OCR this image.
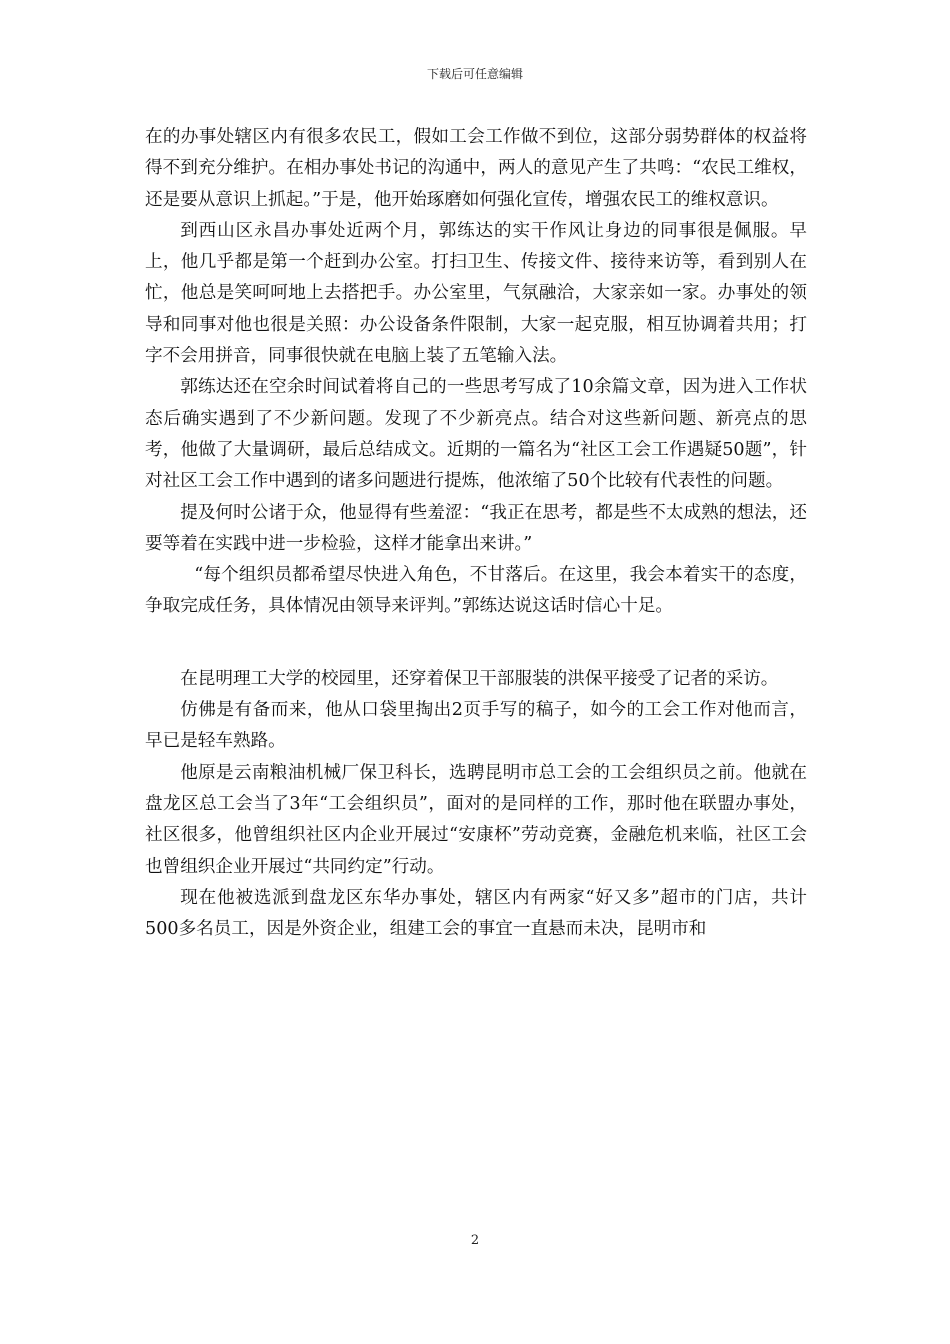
下载后可任意编辑

在的办事处辖区内有很多农民工，假如工会工作做不到位，这部分弱势群体的权益将得不到充分维护。在相办事处书记的沟通中，两人的意见产生了共鸣：“农民工维权，还是要从意识上抓起。”于是，他开始琢磨如何强化宣传，增强农民工的维权意识。

到西山区永昌办事处近两个月，郭练达的实干作风让身边的同事很是佩服。早上，他几乎都是第一个赶到办公室。打扫卫生、传接文件、接待来访等，看到别人在忙，他总是笑呵呵地上去搭把手。办公室里，气氛融洽，大家亲如一家。办事处的领导和同事对他也很是关照：办公设备条件限制，大家一起克服，相互协调着共用；打字不会用拼音，同事很快就在电脑上装了五笔输入法。

郭练达还在空余时间试着将自己的一些思考写成了10余篇文章，因为进入工作状态后确实遇到了不少新问题。发现了不少新亮点。结合对这些新问题、新亮点的思考，他做了大量调研，最后总结成文。近期的一篇名为“社区工会工作遇疑50题”，针对社区工会工作中遇到的诸多问题进行提炼，他浓缩了50个比较有代表性的问题。

提及何时公诸于众，他显得有些羞涩：“我正在思考，都是些不太成熟的想法，还要等着在实践中进一步检验，这样才能拿出来讲。”

“每个组织员都希望尽快进入角色，不甘落后。在这里，我会本着实干的态度，争取完成任务，具体情况由领导来评判。”郭练达说这话时信心十足。

在昆明理工大学的校园里，还穿着保卫干部服装的洪保平接受了记者的采访。

仿佛是有备而来，他从口袋里掏出2页手写的稿子，如今的工会工作对他而言，早已是轻车熟路。

他原是云南粮油机械厂保卫科长，选聘昆明市总工会的工会组织员之前。他就在盘龙区总工会当了3年“工会组织员”，面对的是同样的工作，那时他在联盟办事处，社区很多，他曾组织社区内企业开展过“安康杯”劳动竞赛，金融危机来临，社区工会也曾组织企业开展过“共同约定”行动。

现在他被选派到盘龙区东华办事处，辖区内有两家“好又多”超市的门店，共计500多名员工，因是外资企业，组建工会的事宜一直悬而未决，昆明市和

2
